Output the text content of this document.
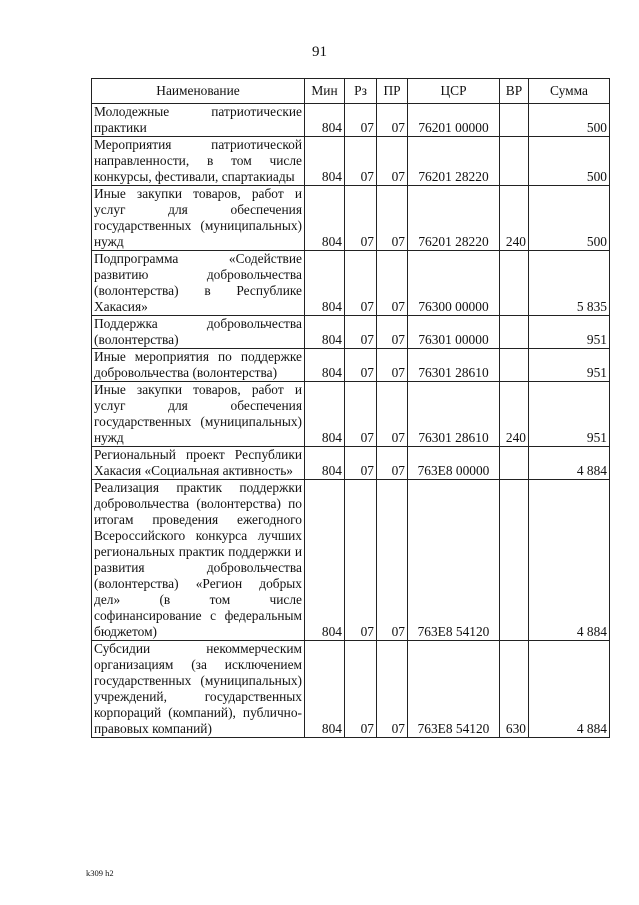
91
Наименование	Мин	Рз	ПР	ЦСР	ВР	Сумма
Молодежные патриотические практики	804	07	07	76201 00000		500
Мероприятия патриотической направленности, в том числе конкурсы, фестивали, спартакиады	804	07	07	76201 28220		500
Иные закупки товаров, работ и услуг для обеспечения государственных (муниципальных) нужд	804	07	07	76201 28220	240	500
Подпрограмма «Содействие развитию добровольчества (волонтерства) в Республике Хакасия»	804	07	07	76300 00000		5 835
Поддержка добровольчества (волонтерства)	804	07	07	76301 00000		951
Иные мероприятия по поддержке добровольчества (волонтерства)	804	07	07	76301 28610		951
Иные закупки товаров, работ и услуг для обеспечения государственных (муниципальных) нужд	804	07	07	76301 28610	240	951
Региональный проект Республики Хакасия «Социальная активность»	804	07	07	763E8 00000		4 884
Реализация практик поддержки добровольчества (волонтерства) по итогам проведения ежегодного Всероссийского конкурса лучших региональных практик поддержки и развития добровольчества (волонтерства) «Регион добрых дел» (в том числе софинансирование с федеральным бюджетом)	804	07	07	763E8 54120		4 884
Субсидии некоммерческим организациям (за исключением государственных (муниципальных) учреждений, государственных корпораций (компаний), публично-правовых компаний)	804	07	07	763E8 54120	630	4 884
k309 h2
